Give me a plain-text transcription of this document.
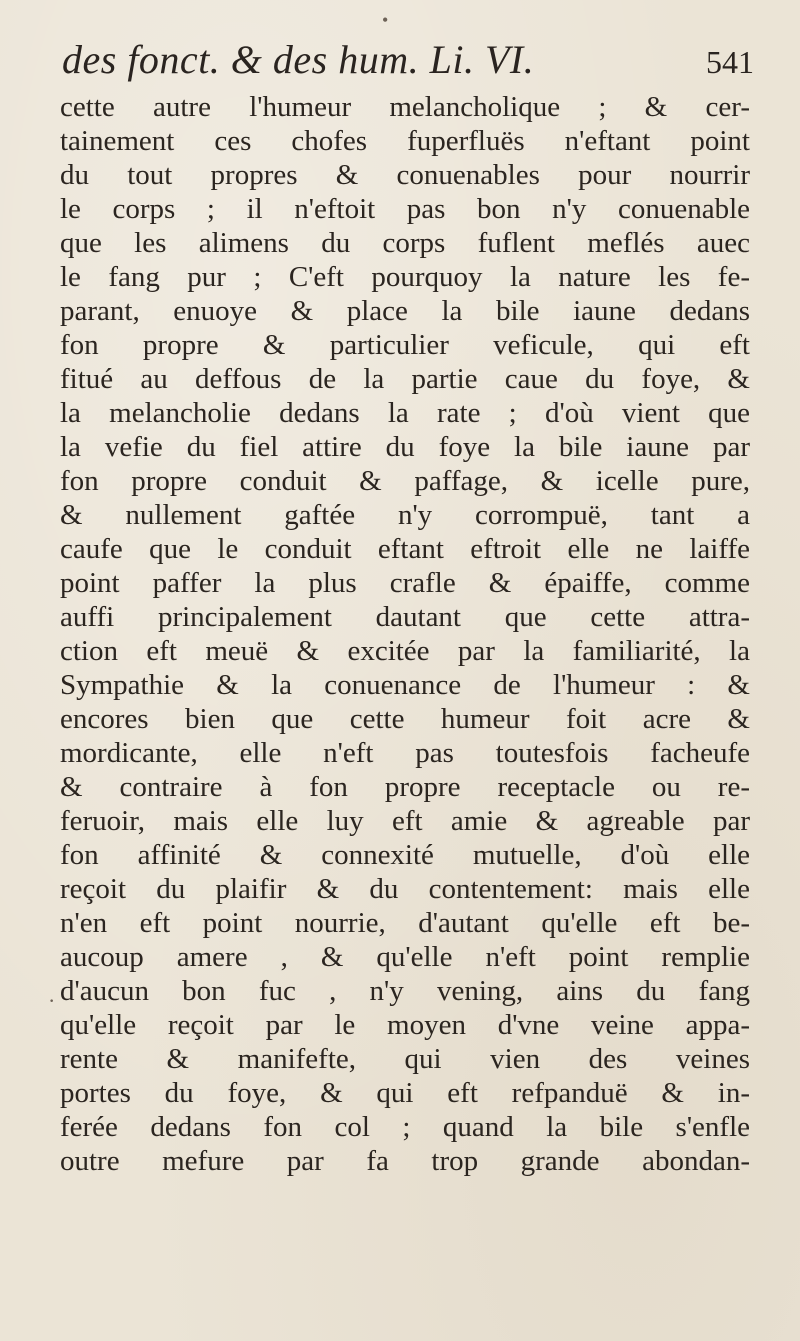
•
·
des fonct. & des hum. Li. VI.	541
cette autre l'humeur melancholique ; & cer-
tainement ces chofes fuperfluës n'eftant point
du tout propres & conuenables pour nourrir
le corps ; il n'eftoit pas bon n'y conuenable
que les alimens du corps fuflent meflés auec
le fang pur ; C'eft pourquoy la nature les fe-
parant, enuoye & place la bile iaune dedans
fon propre & particulier veficule, qui eft
fitué au deffous de la partie caue du foye, &
la melancholie dedans la rate ; d'où vient que
la vefie du fiel attire du foye la bile iaune par
fon propre conduit & paffage, & icelle pure,
& nullement gaftée n'y corrompuë, tant a
caufe que le conduit eftant eftroit elle ne laiffe
point paffer la plus crafle & épaiffe, comme
auffi principalement dautant que cette attra-
ction eft meuë & excitée par la familiarité, la
Sympathie & la conuenance de l'humeur : &
encores bien que cette humeur foit acre &
mordicante, elle n'eft pas toutesfois facheufe
& contraire à fon propre receptacle ou re-
feruoir, mais elle luy eft amie & agreable par
fon affinité & connexité mutuelle, d'où elle
reçoit du plaifir & du contentement: mais elle
n'en eft point nourrie, d'autant qu'elle eft be-
aucoup amere , & qu'elle n'eft point remplie
d'aucun bon fuc , n'y vening, ains du fang
qu'elle reçoit par le moyen d'vne veine appa-
rente & manifefte, qui vien des veines
portes du foye, & qui eft refpanduë & in-
ferée dedans fon col ; quand la bile s'enfle
outre mefure par fa trop grande abondan-
